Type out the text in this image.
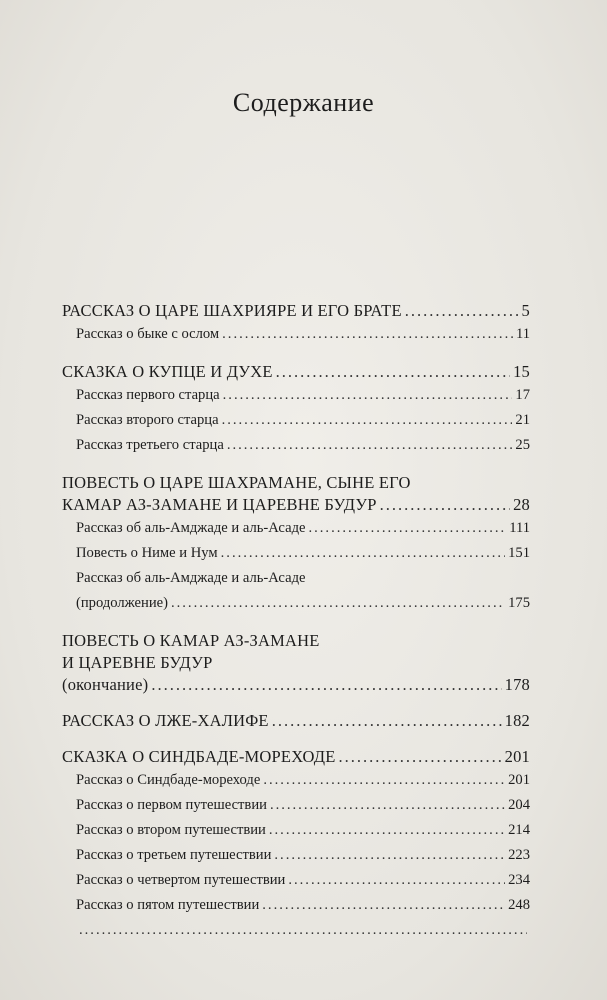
Содержание
РАССКАЗ О ЦАРЕ ШАХРИЯРЕ И ЕГО БРАТЕ .....	5
Рассказ о быке с ослом .....	11
СКАЗКА О КУПЦЕ И ДУХЕ .....	15
Рассказ первого старца .....	17
Рассказ второго старца .....	21
Рассказ третьего старца .....	25
ПОВЕСТЬ О ЦАРЕ ШАХРАМАНЕ, СЫНЕ ЕГО
КАМАР АЗ-ЗАМАНЕ И ЦАРЕВНЕ БУДУР .....	28
Рассказ об аль-Амджаде и аль-Асаде .....	111
Повесть о Ниме и Нум .....	151
Рассказ об аль-Амджаде и аль-Асаде
(продолжение) .....	175
ПОВЕСТЬ О КАМАР АЗ-ЗАМАНЕ
И ЦАРЕВНЕ БУДУР
(окончание) .....	178
РАССКАЗ О ЛЖЕ-ХАЛИФЕ .....	182
СКАЗКА О СИНДБАДЕ-МОРЕХОДЕ .....	201
Рассказ о Синдбаде-мореходе .....	201
Рассказ о первом путешествии .....	204
Рассказ о втором путешествии .....	214
Рассказ о третьем путешествии .....	223
Рассказ о четвертом путешествии .....	234
Рассказ о пятом путешествии .....	248
.....
